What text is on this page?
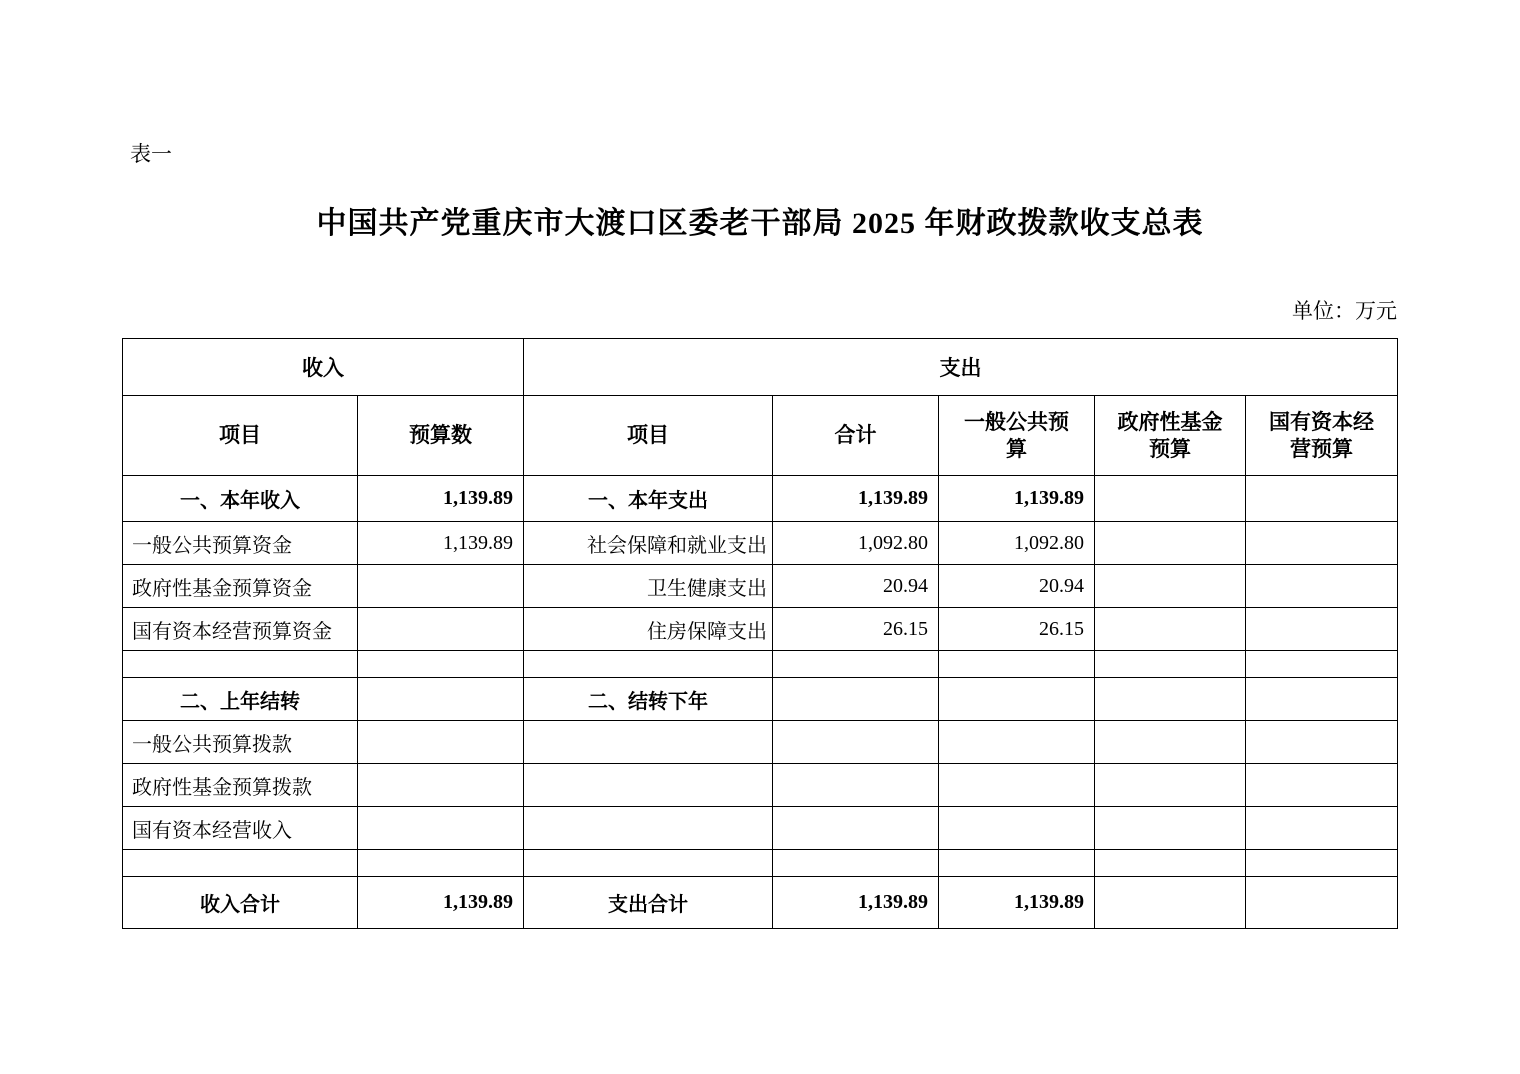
表一
中国共产党重庆市大渡口区委老干部局 2025 年财政拨款收支总表
单位：万元
收入		支出				
项目	预算数	项目	合计	一般公共预算	政府性基金预算	国有资本经营预算
一、本年收入	1,139.89	一、本年支出	1,139.89	1,139.89		
一般公共预算资金	1,139.89	社会保障和就业支出	1,092.80	1,092.80		
政府性基金预算资金		卫生健康支出	20.94	20.94		
国有资本经营预算资金		住房保障支出	26.15	26.15		

二、上年结转		二、结转下年				
一般公共预算拨款						
政府性基金预算拨款						
国有资本经营收入						

收入合计	1,139.89	支出合计	1,139.89	1,139.89		
